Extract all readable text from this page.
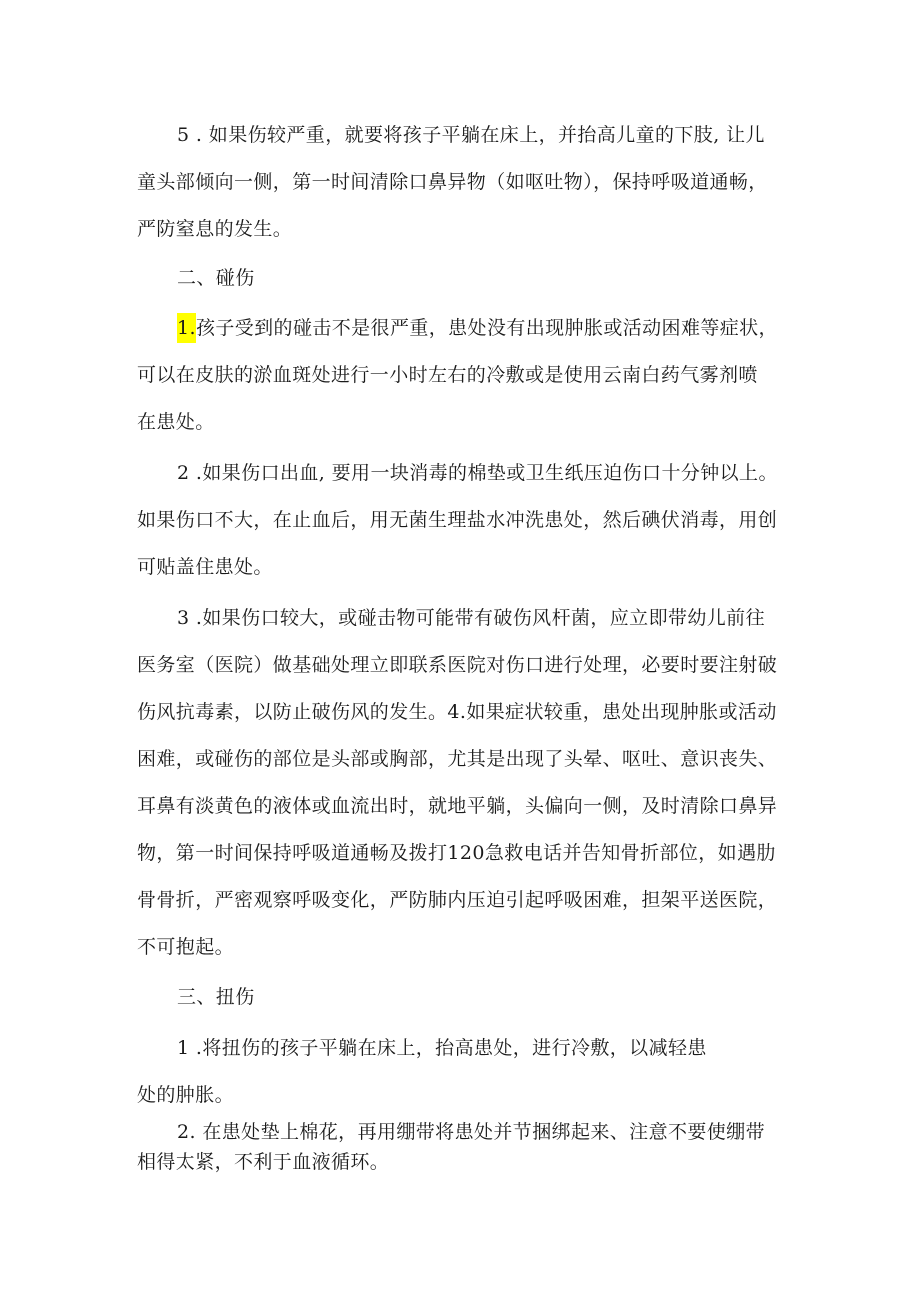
5 . 如果伤较严重，就要将孩子平躺在床上，并抬高儿童的下肢, 让儿
童头部倾向一侧，第一时间清除口鼻异物（如呕吐物），保持呼吸道通畅，
严防窒息的发生。
二、碰伤
1.孩子受到的碰击不是很严重，患处没有出现肿胀或活动困难等症状，
可以在皮肤的淤血斑处进行一小时左右的冷敷或是使用云南白药气雾剂喷
在患处。
2 .如果伤口出血, 要用一块消毒的棉垫或卫生纸压迫伤口十分钟以上。
如果伤口不大，在止血后，用无菌生理盐水冲洗患处，然后碘伏消毒，用创
可贴盖住患处。
3 .如果伤口较大，或碰击物可能带有破伤风杆菌，应立即带幼儿前往
医务室（医院）做基础处理立即联系医院对伤口进行处理，必要时要注射破
伤风抗毒素，以防止破伤风的发生。4.如果症状较重，患处出现肿胀或活动
困难，或碰伤的部位是头部或胸部，尤其是出现了头晕、呕吐、意识丧失、
耳鼻有淡黄色的液体或血流出时，就地平躺，头偏向一侧，及时清除口鼻异
物，第一时间保持呼吸道通畅及拨打120急救电话并告知骨折部位，如遇肋
骨骨折，严密观察呼吸变化，严防肺内压迫引起呼吸困难，担架平送医院，
不可抱起。
三、扭伤
1 .将扭伤的孩子平躺在床上，抬高患处，进行冷敷，以减轻患
处的肿胀。
2. 在患处垫上棉花，再用绷带将患处并节捆绑起来、注意不要使绷带
相得太紧，不利于血液循环。
